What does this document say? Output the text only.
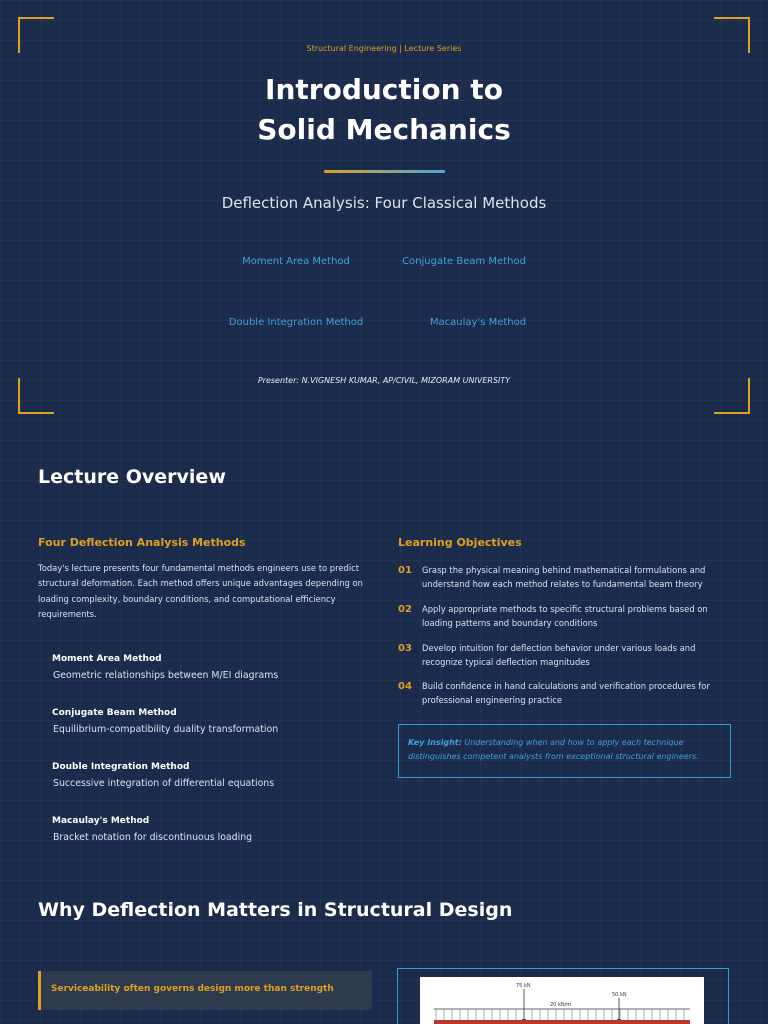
Structural Engineering | Lecture Series
Introduction to
Solid Mechanics
Deflection Analysis: Four Classical Methods
Moment Area Method	Conjugate Beam Method
Double Integration Method	Macaulay's Method
Presenter: N.VIGNESH KUMAR, AP/CIVIL, MIZORAM UNIVERSITY
Lecture Overview
Four Deflection Analysis Methods

Today's lecture presents four fundamental methods engineers use to predict structural deformation. Each method offers unique advantages depending on loading complexity, boundary conditions, and computational efficiency requirements.

Moment Area Method
Geometric relationships between M/EI diagrams
Conjugate Beam Method
Equilibrium-compatibility duality transformation
Double Integration Method
Successive integration of differential equations
Macaulay's Method
Bracket notation for discontinuous loading
Learning Objectives
01 Grasp the physical meaning behind mathematical formulations and understand how each method relates to fundamental beam theory
02 Apply appropriate methods to specific structural problems based on loading patterns and boundary conditions
03 Develop intuition for deflection behavior under various loads and recognize typical deflection magnitudes
04 Build confidence in hand calculations and verification procedures for professional engineering practice
Key Insight: Understanding when and how to apply each technique distinguishes competent analysts from exceptional structural engineers.
Why Deflection Matters in Structural Design
Serviceability often governs design more than strength	75 kN
50 kN
20 kN/m
